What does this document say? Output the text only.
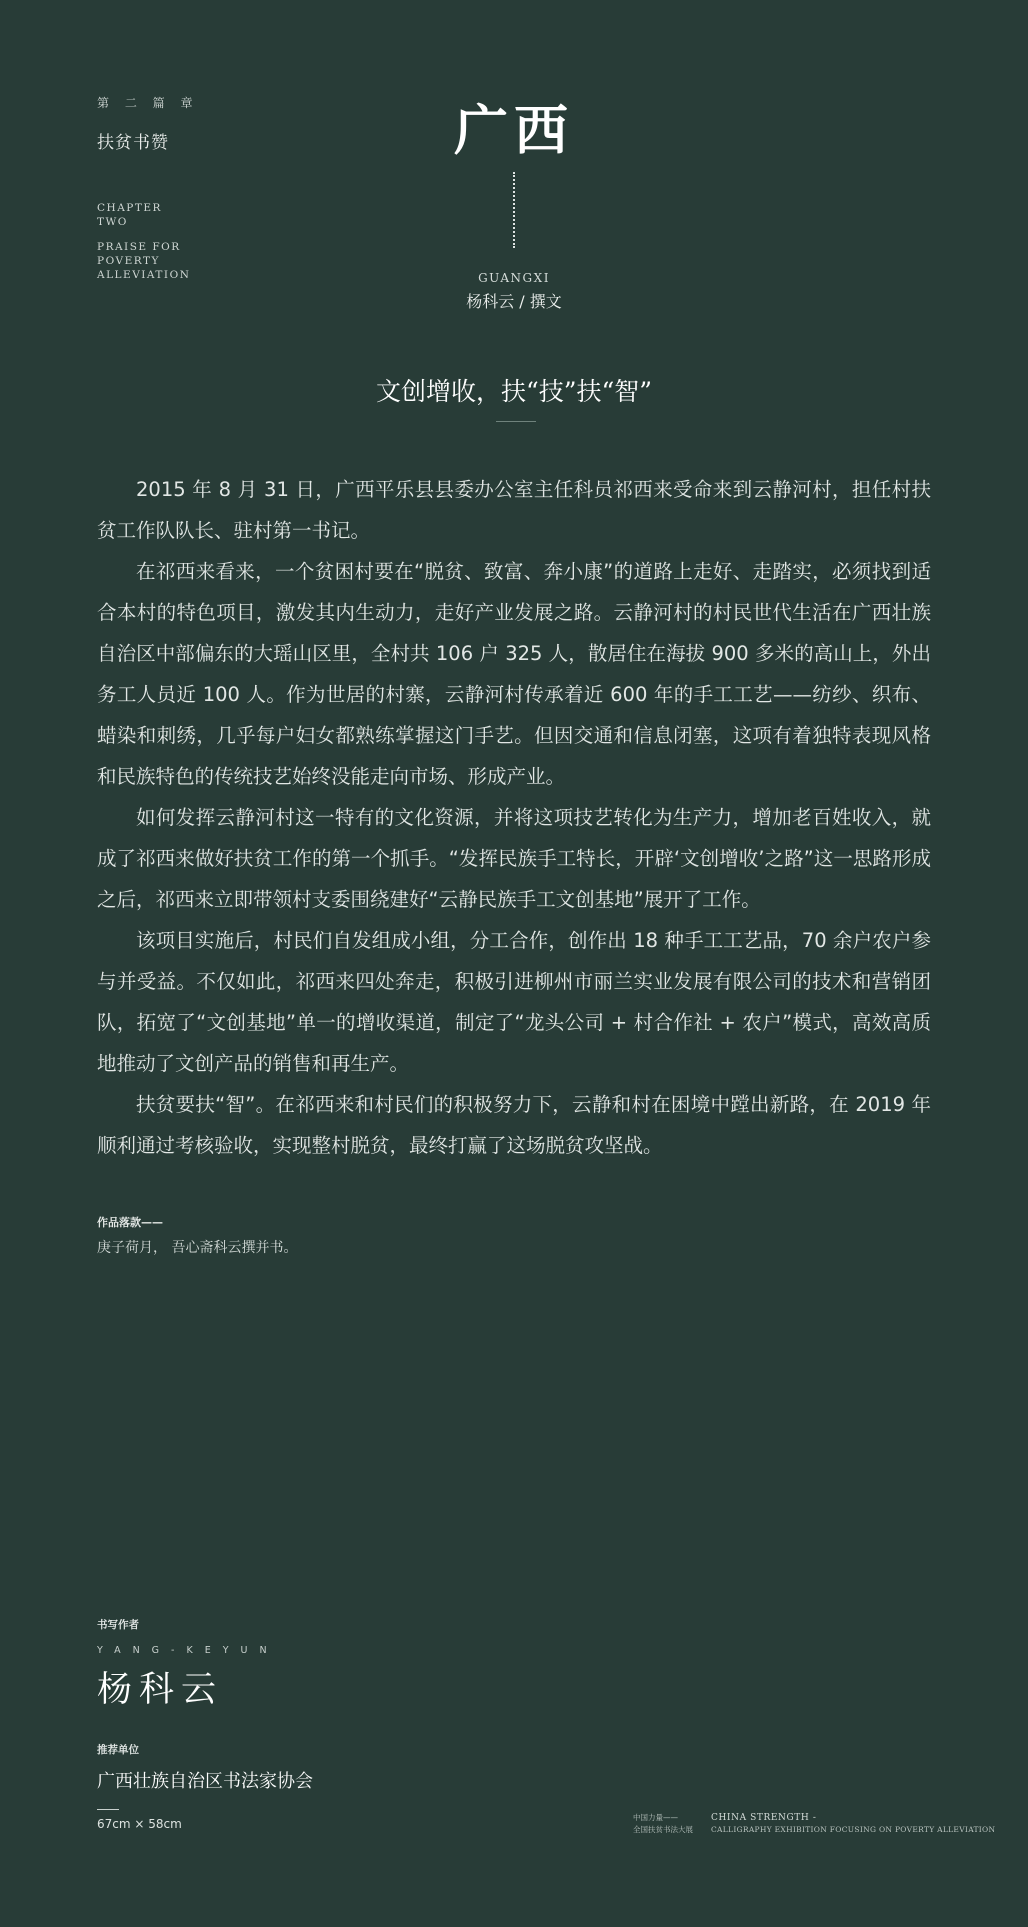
第 二 篇 章
扶贫书赞
CHAPTER
TWO
PRAISE FOR
POVERTY
ALLEVIATION
广西
GUANGXI
杨科云 / 撰文
文创增收，扶“技”扶“智”

2015 年 8 月 31 日，广西平乐县县委办公室主任科员祁西来受命来到云静河村，担任村扶贫工作队队长、驻村第一书记。

在祁西来看来，一个贫困村要在“脱贫、致富、奔小康”的道路上走好、走踏实，必须找到适合本村的特色项目，激发其内生动力，走好产业发展之路。云静河村的村民世代生活在广西壮族自治区中部偏东的大瑶山区里，全村共 106 户 325 人，散居住在海拔 900 多米的高山上，外出务工人员近 100 人。作为世居的村寨，云静河村传承着近 600 年的手工工艺——纺纱、织布、蜡染和刺绣，几乎每户妇女都熟练掌握这门手艺。但因交通和信息闭塞，这项有着独特表现风格和民族特色的传统技艺始终没能走向市场、形成产业。

如何发挥云静河村这一特有的文化资源，并将这项技艺转化为生产力，增加老百姓收入，就成了祁西来做好扶贫工作的第一个抓手。“发挥民族手工特长，开辟‘文创增收’之路”这一思路形成之后，祁西来立即带领村支委围绕建好“云静民族手工文创基地”展开了工作。

该项目实施后，村民们自发组成小组，分工合作，创作出 18 种手工工艺品，70 余户农户参与并受益。不仅如此，祁西来四处奔走，积极引进柳州市丽兰实业发展有限公司的技术和营销团队，拓宽了“文创基地”单一的增收渠道，制定了“龙头公司 + 村合作社 + 农户”模式，高效高质地推动了文创产品的销售和再生产。

扶贫要扶“智”。在祁西来和村民们的积极努力下，云静和村在困境中蹚出新路，在 2019 年顺利通过考核验收，实现整村脱贫，最终打赢了这场脱贫攻坚战。

作品落款——
庚子荷月， 吾心斋科云撰并书。
书写作者
YANG-KEYUN
杨科云
推荐单位
广西壮族自治区书法家协会
67cm × 58cm	中国力量——
全国扶贫书法大展
CHINA STRENGTH -
CALLIGRAPHY EXHIBITION FOCUSING ON POVERTY ALLEVIATION
